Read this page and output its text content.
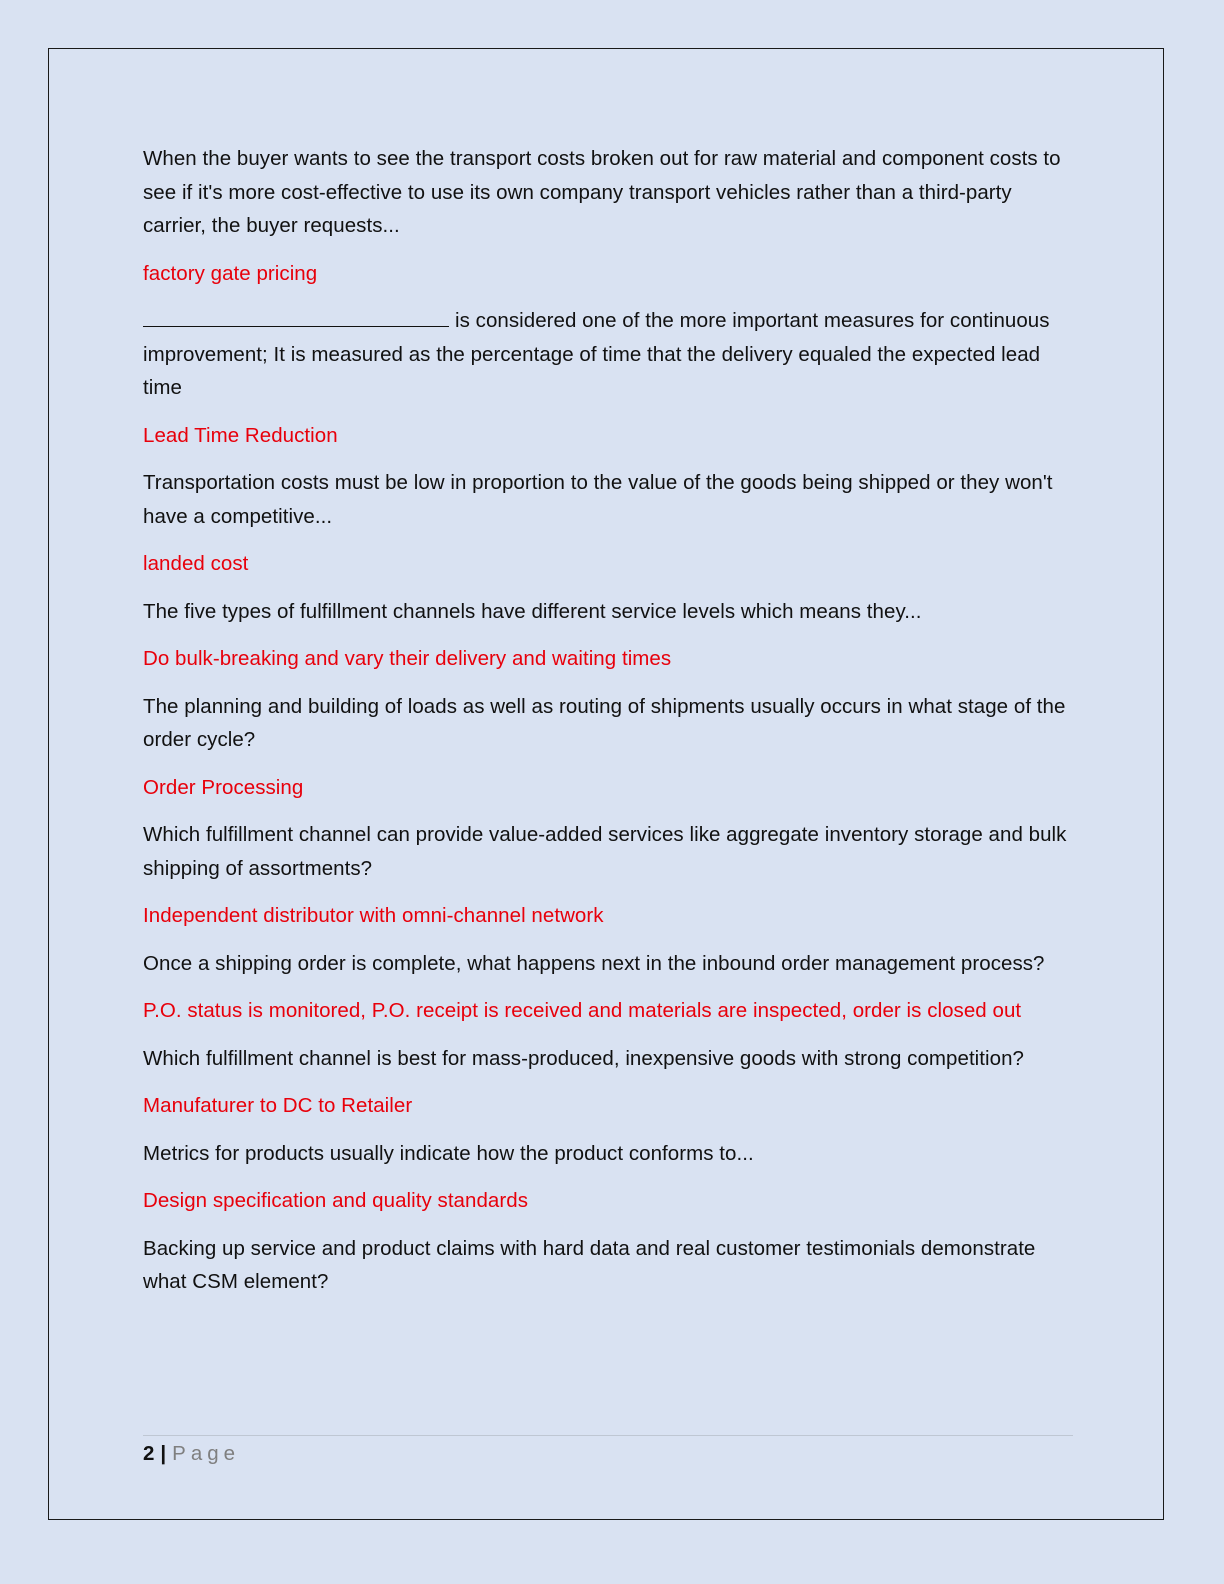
When the buyer wants to see the transport costs broken out for raw material and component costs to see if it's more cost-effective to use its own company transport vehicles rather than a third-party carrier, the buyer requests...

factory gate pricing

is considered one of the more important measures for continuous improvement; It is measured as the percentage of time that the delivery equaled the expected lead time

Lead Time Reduction

Transportation costs must be low in proportion to the value of the goods being shipped or they won't have a competitive...

landed cost

The five types of fulfillment channels have different service levels which means they...

Do bulk-breaking and vary their delivery and waiting times

The planning and building of loads as well as routing of shipments usually occurs in what stage of the order cycle?

Order Processing

Which fulfillment channel can provide value-added services like aggregate inventory storage and bulk shipping of assortments?

Independent distributor with omni-channel network

Once a shipping order is complete, what happens next in the inbound order management process?

P.O. status is monitored, P.O. receipt is received and materials are inspected, order is closed out

Which fulfillment channel is best for mass-produced, inexpensive goods with strong competition?

Manufaturer to DC to Retailer

Metrics for products usually indicate how the product conforms to...

Design specification and quality standards

Backing up service and product claims with hard data and real customer testimonials demonstrate what CSM element?

2 | Page
